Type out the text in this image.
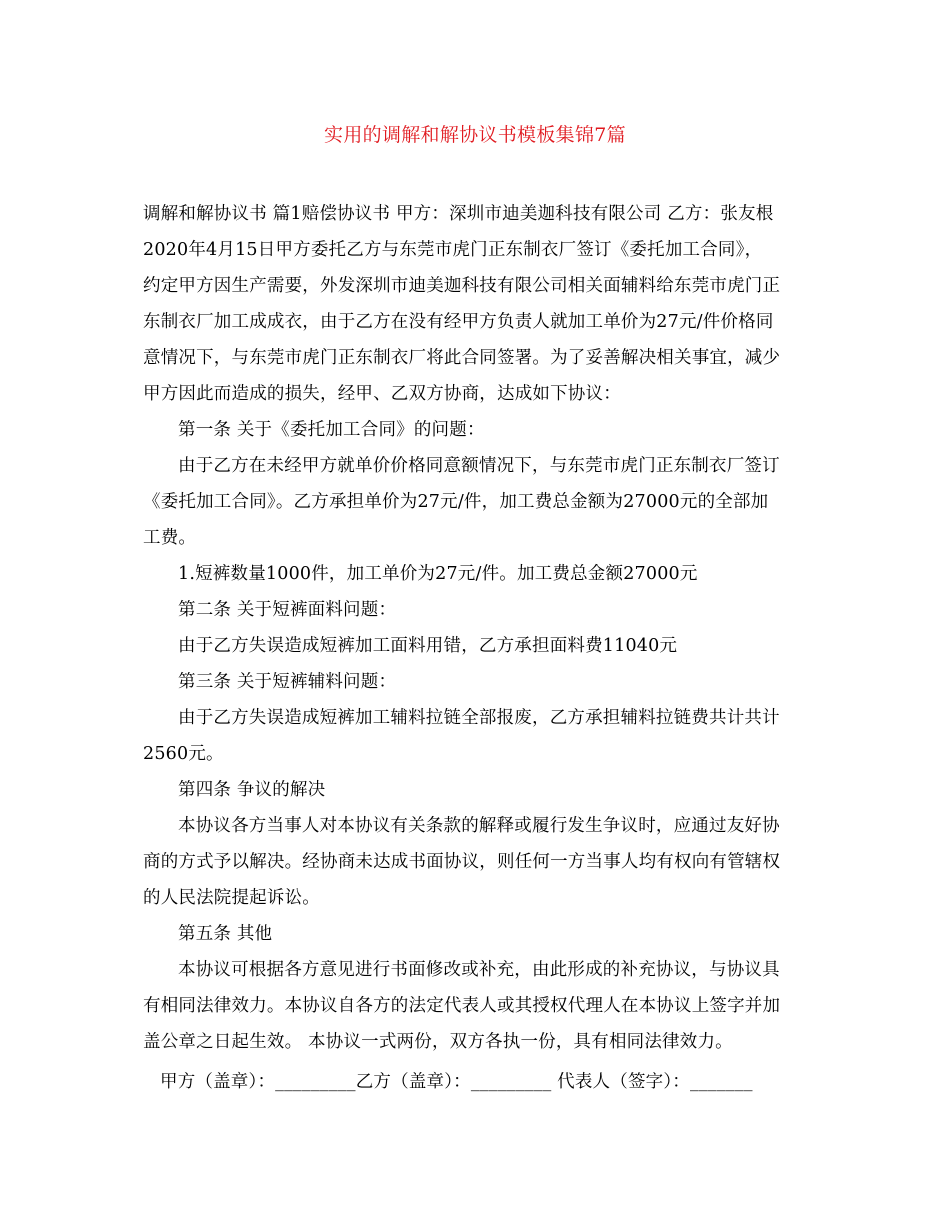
实用的调解和解协议书模板集锦7篇
调解和解协议书 篇1赔偿协议书 甲方：深圳市迪美迦科技有限公司 乙方：张友根
2020年4月15日甲方委托乙方与东莞市虎门正东制衣厂签订《委托加工合同》，
约定甲方因生产需要，外发深圳市迪美迦科技有限公司相关面辅料给东莞市虎门正
东制衣厂加工成成衣，由于乙方在没有经甲方负责人就加工单价为27元/件价格同
意情况下，与东莞市虎门正东制衣厂将此合同签署。为了妥善解决相关事宜，减少
甲方因此而造成的损失，经甲、乙双方协商，达成如下协议：
第一条 关于《委托加工合同》的问题：
由于乙方在未经甲方就单价价格同意额情况下，与东莞市虎门正东制衣厂签订
《委托加工合同》。乙方承担单价为27元/件，加工费总金额为27000元的全部加
工费。
1.短裤数量1000件，加工单价为27元/件。加工费总金额27000元
第二条 关于短裤面料问题：
由于乙方失误造成短裤加工面料用错，乙方承担面料费11040元
第三条 关于短裤辅料问题：
由于乙方失误造成短裤加工辅料拉链全部报废，乙方承担辅料拉链费共计共计
2560元。
第四条 争议的解决
本协议各方当事人对本协议有关条款的解释或履行发生争议时，应通过友好协
商的方式予以解决。经协商未达成书面协议，则任何一方当事人均有权向有管辖权
的人民法院提起诉讼。
第五条 其他
本协议可根据各方意见进行书面修改或补充，由此形成的补充协议，与协议具
有相同法律效力。本协议自各方的法定代表人或其授权代理人在本协议上签字并加
盖公章之日起生效。 本协议一式两份，双方各执一份，具有相同法律效力。
甲方（盖章）：_________乙方（盖章）：_________ 代表人（签字）：_______
